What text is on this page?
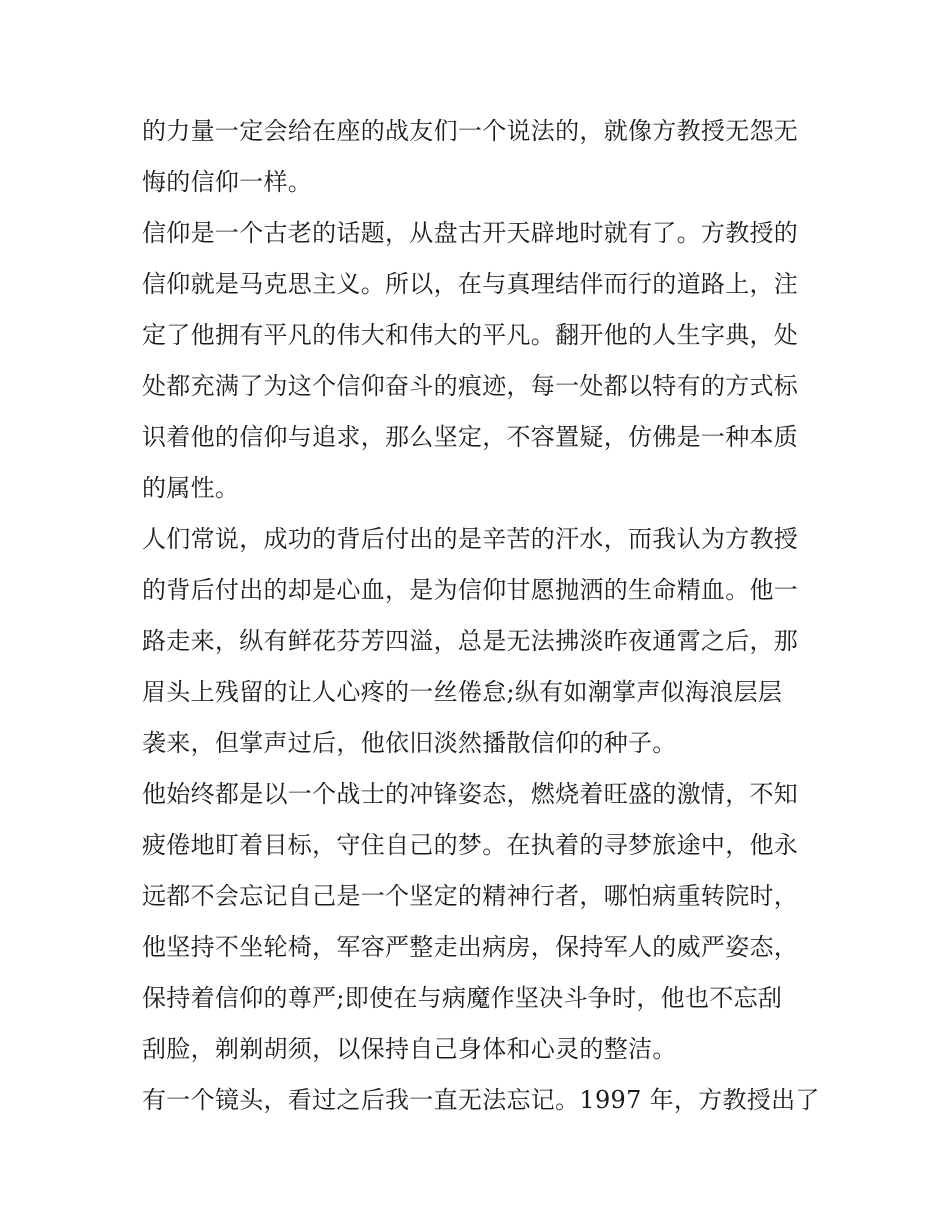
的力量一定会给在座的战友们一个说法的，就像方教授无怨无
悔的信仰一样。
信仰是一个古老的话题，从盘古开天辟地时就有了。方教授的
信仰就是马克思主义。所以，在与真理结伴而行的道路上，注
定了他拥有平凡的伟大和伟大的平凡。翻开他的人生字典，处
处都充满了为这个信仰奋斗的痕迹，每一处都以特有的方式标
识着他的信仰与追求，那么坚定，不容置疑，仿佛是一种本质
的属性。
人们常说，成功的背后付出的是辛苦的汗水，而我认为方教授
的背后付出的却是心血，是为信仰甘愿抛洒的生命精血。他一
路走来，纵有鲜花芬芳四溢，总是无法拂淡昨夜通霄之后，那
眉头上残留的让人心疼的一丝倦怠;纵有如潮掌声似海浪层层
袭来，但掌声过后，他依旧淡然播散信仰的种子。
他始终都是以一个战士的冲锋姿态，燃烧着旺盛的激情，不知
疲倦地盯着目标，守住自己的梦。在执着的寻梦旅途中，他永
远都不会忘记自己是一个坚定的精神行者，哪怕病重转院时，
他坚持不坐轮椅，军容严整走出病房，保持军人的威严姿态，
保持着信仰的尊严;即使在与病魔作坚决斗争时，他也不忘刮
刮脸，剃剃胡须，以保持自己身体和心灵的整洁。
有一个镜头，看过之后我一直无法忘记。1997 年，方教授出了
